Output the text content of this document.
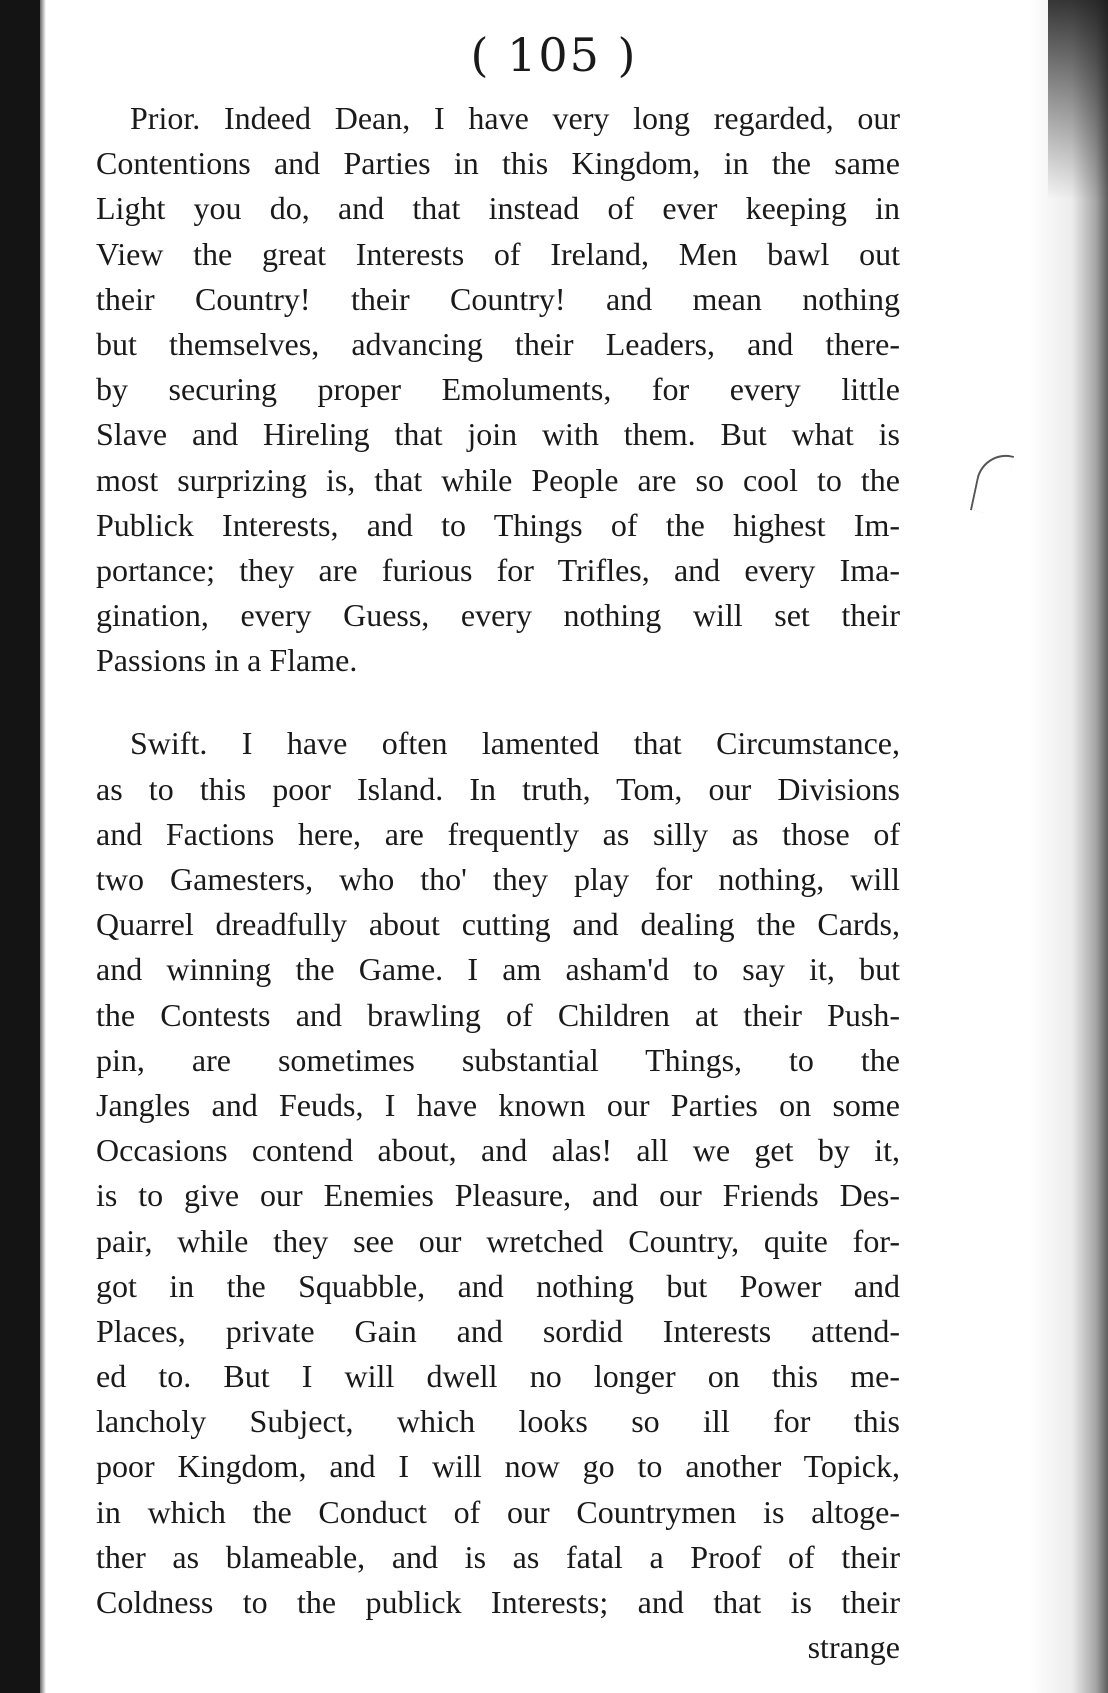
( 105 )
Prior. Indeed Dean, I have very long regarded, our
Contentions and Parties in this Kingdom, in the same
Light you do, and that instead of ever keeping in
View the great Interests of Ireland, Men bawl out
their Country! their Country! and mean nothing
but themselves, advancing their Leaders, and there-
by securing proper Emoluments, for every little
Slave and Hireling that join with them. But what is
most surprizing is, that while People are so cool to the
Publick Interests, and to Things of the highest Im-
portance; they are furious for Trifles, and every Ima-
gination, every Guess, every nothing will set their
Passions in a Flame.
Swift. I have often lamented that Circumstance,
as to this poor Island. In truth, Tom, our Divisions
and Factions here, are frequently as silly as those of
two Gamesters, who tho' they play for nothing, will
Quarrel dreadfully about cutting and dealing the Cards,
and winning the Game. I am asham'd to say it, but
the Contests and brawling of Children at their Push-
pin, are sometimes substantial Things, to the
Jangles and Feuds, I have known our Parties on some
Occasions contend about, and alas! all we get by it,
is to give our Enemies Pleasure, and our Friends Des-
pair, while they see our wretched Country, quite for-
got in the Squabble, and nothing but Power and
Places, private Gain and sordid Interests attend-
ed to. But I will dwell no longer on this me-
lancholy Subject, which looks so ill for this
poor Kingdom, and I will now go to another Topick,
in which the Conduct of our Countrymen is altoge-
ther as blameable, and is as fatal a Proof of their
Coldness to the publick Interests; and that is their
strange
